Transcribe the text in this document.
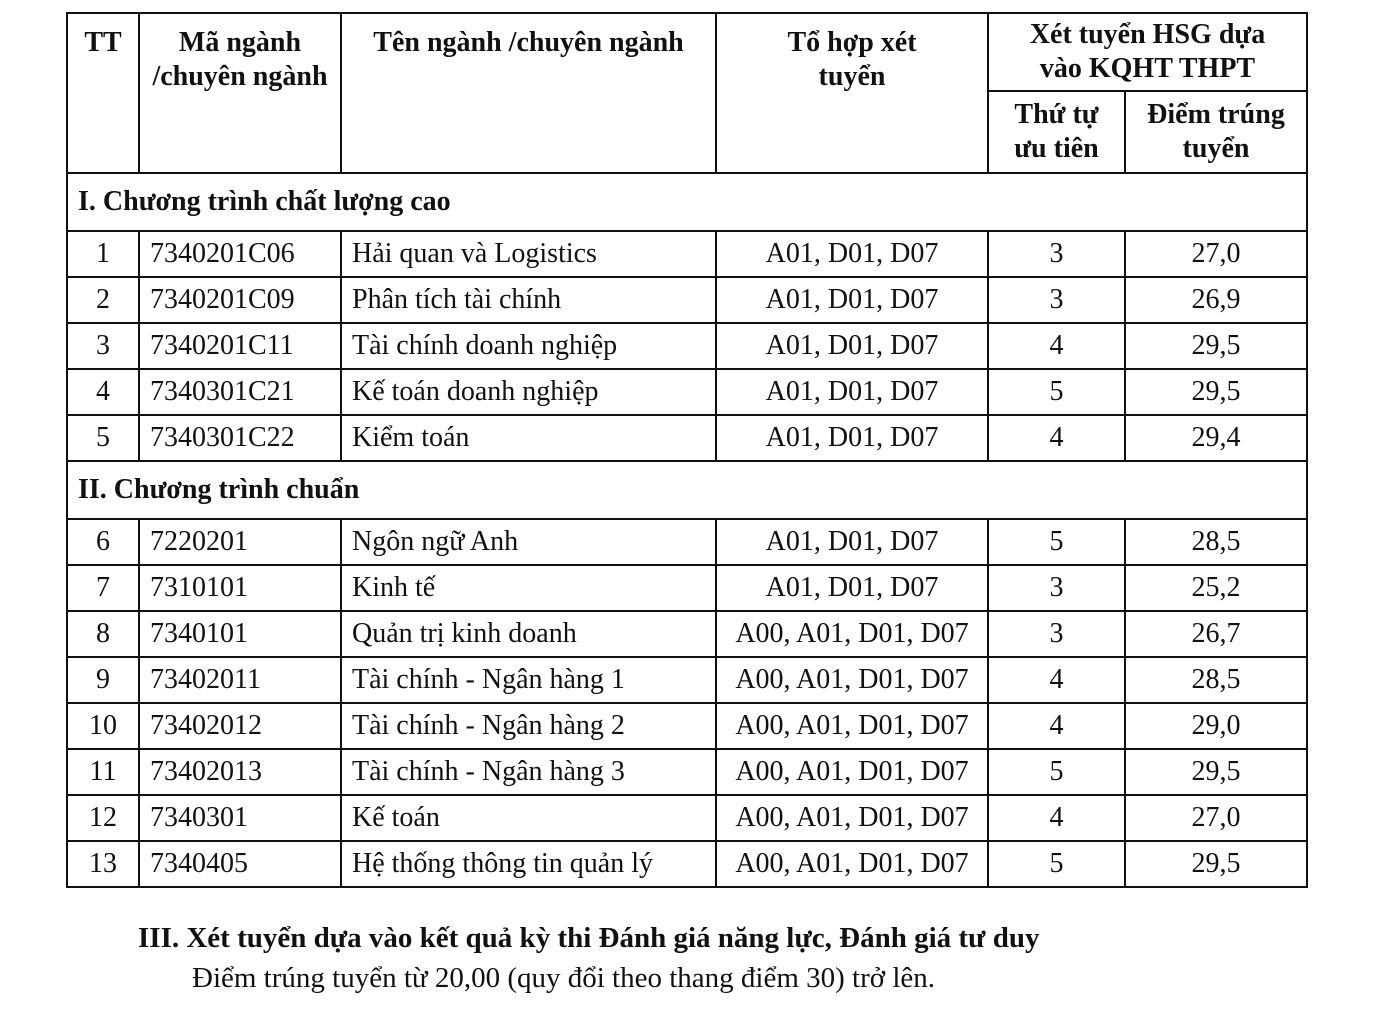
TT	Mã ngành /chuyên ngành	Tên ngành /chuyên ngành	Tổ hợp xét tuyển	Xét tuyển HSG dựa vào KQHT THPT	
				Thứ tự ưu tiên	Điểm trúng tuyển
I. Chương trình chất lượng cao					
1	7340201C06	Hải quan và Logistics	A01, D01, D07	3	27,0
2	7340201C09	Phân tích tài chính	A01, D01, D07	3	26,9
3	7340201C11	Tài chính doanh nghiệp	A01, D01, D07	4	29,5
4	7340301C21	Kế toán doanh nghiệp	A01, D01, D07	5	29,5
5	7340301C22	Kiểm toán	A01, D01, D07	4	29,4
II. Chương trình chuẩn					
6	7220201	Ngôn ngữ Anh	A01, D01, D07	5	28,5
7	7310101	Kinh tế	A01, D01, D07	3	25,2
8	7340101	Quản trị kinh doanh	A00, A01, D01, D07	3	26,7
9	73402011	Tài chính - Ngân hàng 1	A00, A01, D01, D07	4	28,5
10	73402012	Tài chính - Ngân hàng 2	A00, A01, D01, D07	4	29,0
11	73402013	Tài chính - Ngân hàng 3	A00, A01, D01, D07	5	29,5
12	7340301	Kế toán	A00, A01, D01, D07	4	27,0
13	7340405	Hệ thống thông tin quản lý	A00, A01, D01, D07	5	29,5
III. Xét tuyển dựa vào kết quả kỳ thi Đánh giá năng lực, Đánh giá tư duy
Điểm trúng tuyển từ 20,00 (quy đổi theo thang điểm 30) trở lên.
